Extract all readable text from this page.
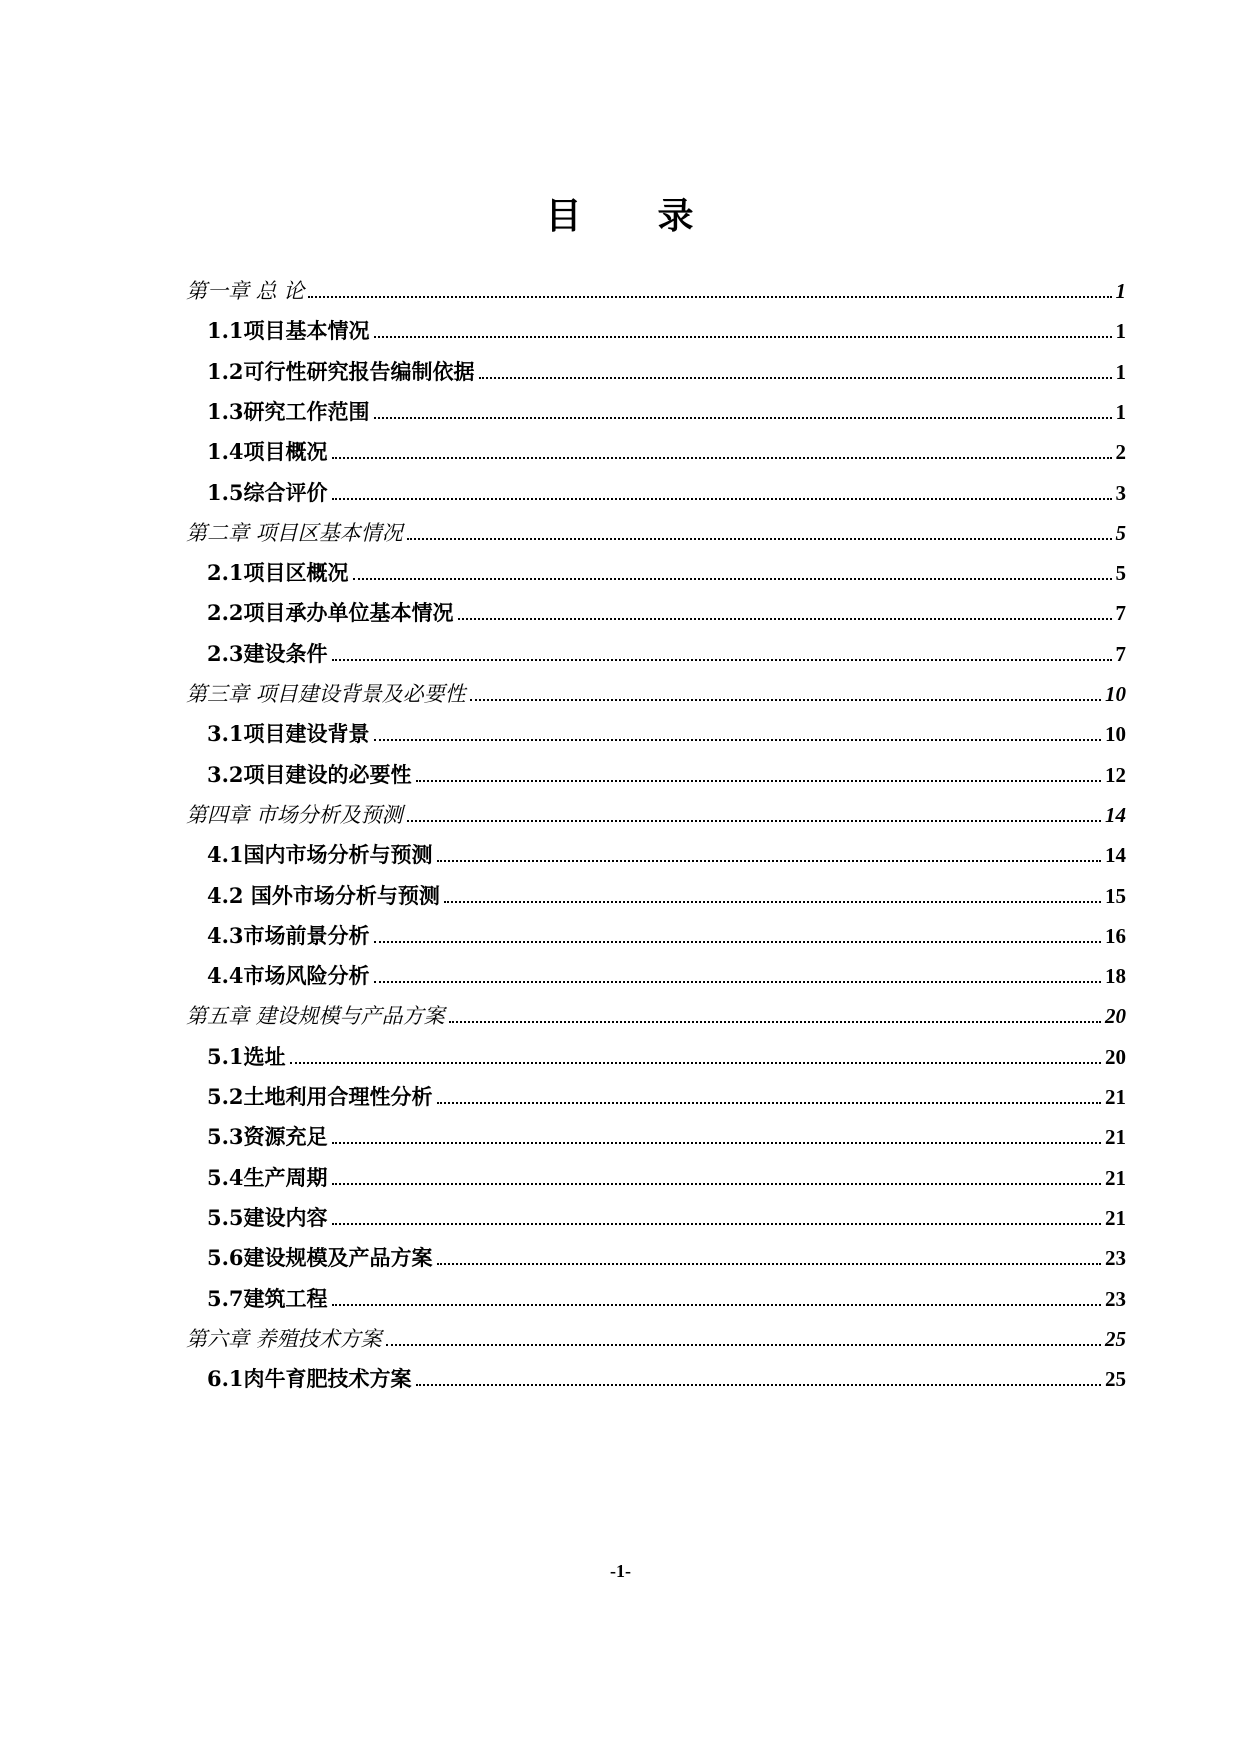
目 录
第一章 总 论	1
1.1项目基本情况	1
1.2可行性研究报告编制依据	1
1.3研究工作范围	1
1.4项目概况	2
1.5综合评价	3
第二章 项目区基本情况	5
2.1项目区概况	5
2.2项目承办单位基本情况	7
2.3建设条件	7
第三章 项目建设背景及必要性	10
3.1项目建设背景	10
3.2项目建设的必要性	12
第四章 市场分析及预测	14
4.1国内市场分析与预测	14
4.2 国外市场分析与预测	15
4.3市场前景分析	16
4.4市场风险分析	18
第五章 建设规模与产品方案	20
5.1选址	20
5.2土地利用合理性分析	21
5.3资源充足	21
5.4生产周期	21
5.5建设内容	21
5.6建设规模及产品方案	23
5.7建筑工程	23
第六章 养殖技术方案	25
6.1肉牛育肥技术方案	25
-1-
